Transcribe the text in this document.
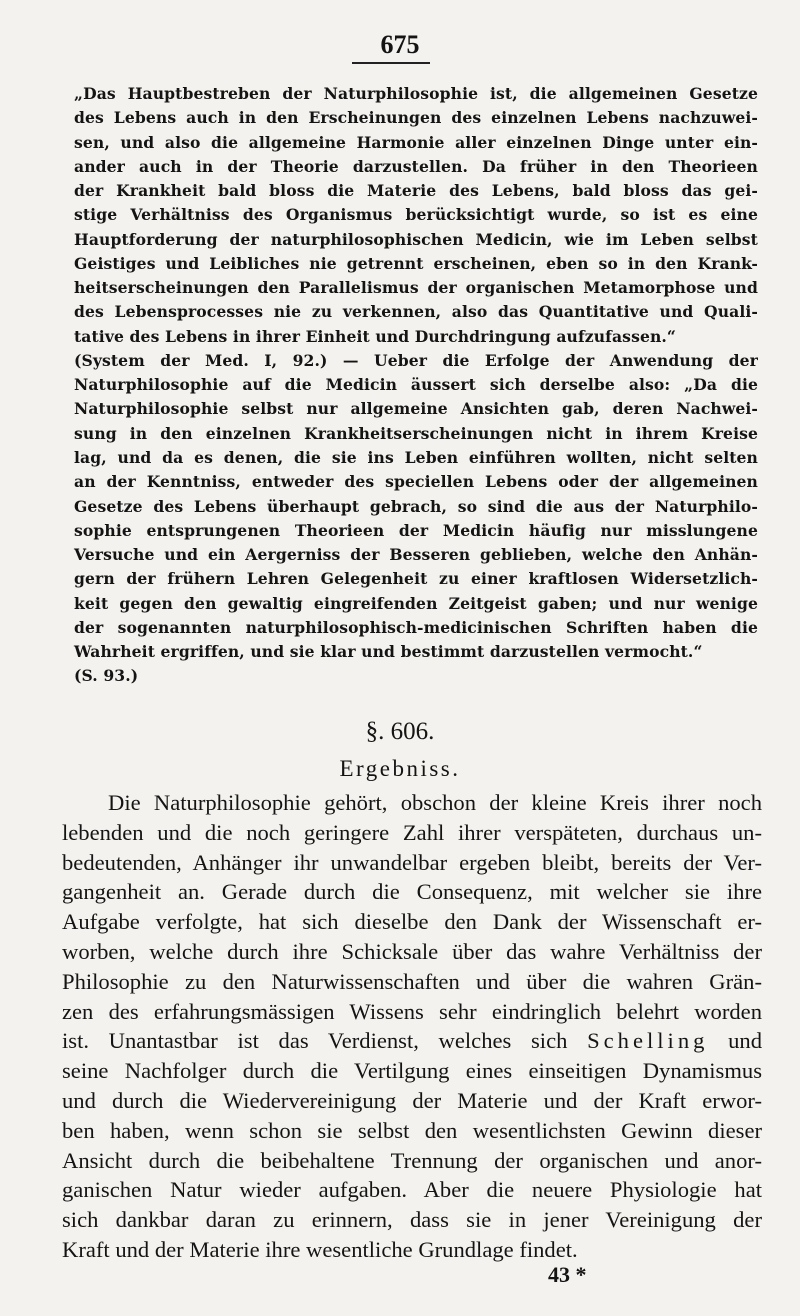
675
„Das Hauptbestreben der Naturphilosophie ist, die allgemeinen Gesetze
des Lebens auch in den Erscheinungen des einzelnen Lebens nachzuwei-
sen, und also die allgemeine Harmonie aller einzelnen Dinge unter ein-
ander auch in der Theorie darzustellen. Da früher in den Theorieen
der Krankheit bald bloss die Materie des Lebens, bald bloss das gei-
stige Verhältniss des Organismus berücksichtigt wurde, so ist es eine
Hauptforderung der naturphilosophischen Medicin, wie im Leben selbst
Geistiges und Leibliches nie getrennt erscheinen, eben so in den Krank-
heitserscheinungen den Parallelismus der organischen Metamorphose und
des Lebensprocesses nie zu verkennen, also das Quantitative und Quali-
tative des Lebens in ihrer Einheit und Durchdringung aufzufassen.“
(System der Med. I, 92.) — Ueber die Erfolge der Anwendung der
Naturphilosophie auf die Medicin äussert sich derselbe also: „Da die
Naturphilosophie selbst nur allgemeine Ansichten gab, deren Nachwei-
sung in den einzelnen Krankheitserscheinungen nicht in ihrem Kreise
lag, und da es denen, die sie ins Leben einführen wollten, nicht selten
an der Kenntniss, entweder des speciellen Lebens oder der allgemeinen
Gesetze des Lebens überhaupt gebrach, so sind die aus der Naturphilo-
sophie entsprungenen Theorieen der Medicin häufig nur misslungene
Versuche und ein Aergerniss der Besseren geblieben, welche den Anhän-
gern der frühern Lehren Gelegenheit zu einer kraftlosen Widersetzlich-
keit gegen den gewaltig eingreifenden Zeitgeist gaben; und nur wenige
der sogenannten naturphilosophisch-medicinischen Schriften haben die
Wahrheit ergriffen, und sie klar und bestimmt darzustellen vermocht.“
(S. 93.)
§. 606.
Ergebniss.
Die Naturphilosophie gehört, obschon der kleine Kreis ihrer noch
lebenden und die noch geringere Zahl ihrer verspäteten, durchaus un-
bedeutenden, Anhänger ihr unwandelbar ergeben bleibt, bereits der Ver-
gangenheit an. Gerade durch die Consequenz, mit welcher sie ihre
Aufgabe verfolgte, hat sich dieselbe den Dank der Wissenschaft er-
worben, welche durch ihre Schicksale über das wahre Verhältniss der
Philosophie zu den Naturwissenschaften und über die wahren Grän-
zen des erfahrungsmässigen Wissens sehr eindringlich belehrt worden
ist. Unantastbar ist das Verdienst, welches sich Schelling und
seine Nachfolger durch die Vertilgung eines einseitigen Dynamismus
und durch die Wiedervereinigung der Materie und der Kraft erwor-
ben haben, wenn schon sie selbst den wesentlichsten Gewinn dieser
Ansicht durch die beibehaltene Trennung der organischen und anor-
ganischen Natur wieder aufgaben. Aber die neuere Physiologie hat
sich dankbar daran zu erinnern, dass sie in jener Vereinigung der
Kraft und der Materie ihre wesentliche Grundlage findet.
43 *
